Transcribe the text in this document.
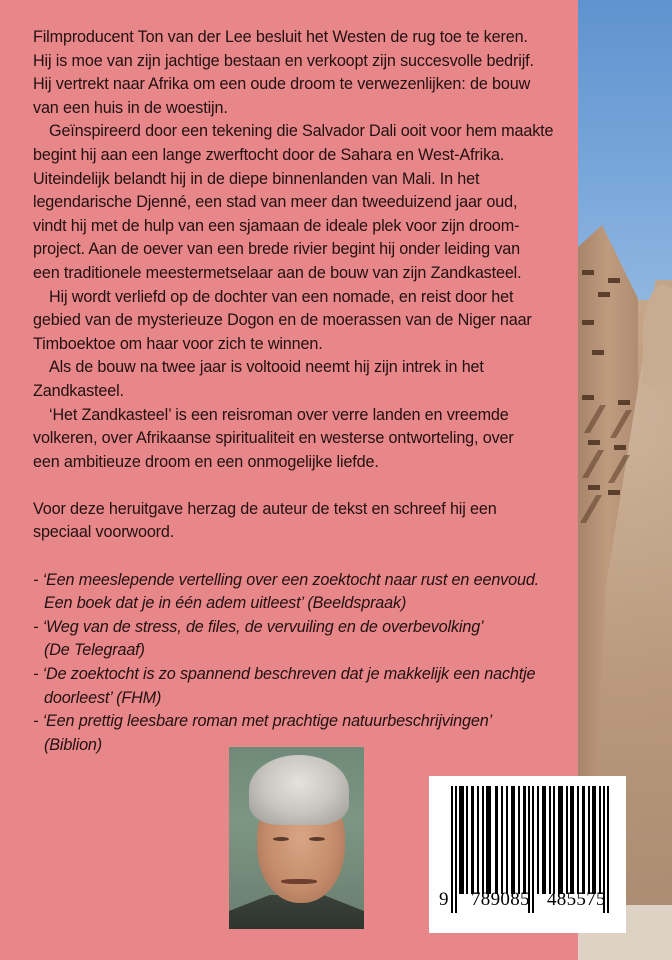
Filmproducent Ton van der Lee besluit het Westen de rug toe te keren.

Hij is moe van zijn jachtige bestaan en verkoopt zijn succesvolle bedrijf.

Hij vertrekt naar Afrika om een oude droom te verwezenlijken: de bouw

van een huis in de woestijn.

Geïnspireerd door een tekening die Salvador Dali ooit voor hem maakte

begint hij aan een lange zwerftocht door de Sahara en West-Afrika.

Uiteindelijk belandt hij in de diepe binnenlanden van Mali. In het

legendarische Djenné, een stad van meer dan tweeduizend jaar oud,

vindt hij met de hulp van een sjamaan de ideale plek voor zijn droom-

project. Aan de oever van een brede rivier begint hij onder leiding van

een traditionele meestermetselaar aan de bouw van zijn Zandkasteel.

Hij wordt verliefd op de dochter van een nomade, en reist door het

gebied van de mysterieuze Dogon en de moerassen van de Niger naar

Timboektoe om haar voor zich te winnen.

Als de bouw na twee jaar is voltooid neemt hij zijn intrek in het

Zandkasteel.

‘Het Zandkasteel’ is een reisroman over verre landen en vreemde

volkeren, over Afrikaanse spiritualiteit en westerse ontworteling, over

een ambitieuze droom en een onmogelijke liefde.

Voor deze heruitgave herzag de auteur de tekst en schreef hij een

speciaal voorwoord.

- ‘Een meeslepende vertelling over een zoektocht naar rust en eenvoud.

Een boek dat je in één adem uitleest’ (Beeldspraak)

- ‘Weg van de stress, de files, de vervuiling en de overbevolking’

(De Telegraaf)

- ‘De zoektocht is zo spannend beschreven dat je makkelijk een nachtje

doorleest’ (FHM)

- ‘Een prettig leesbare roman met prachtige natuurbeschrijvingen’

(Biblion)

9 789085 485575
